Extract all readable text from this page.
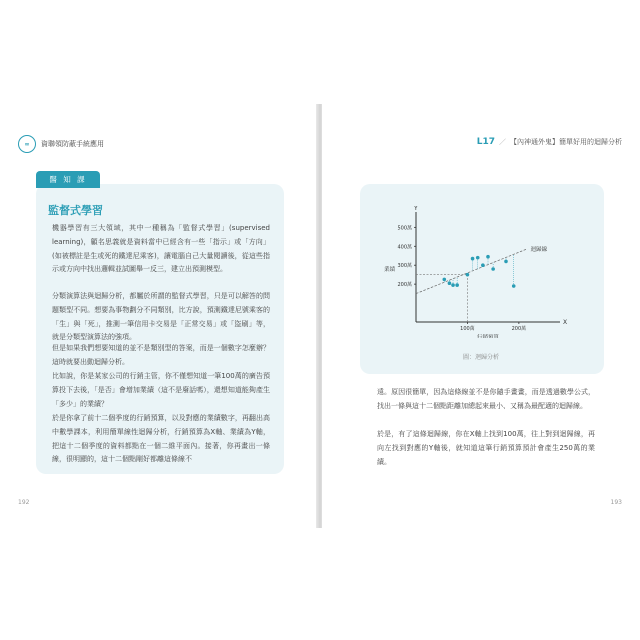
∞	資聯領防蔽手統應用
醫 知 課
監督式學習

機器學習有三大領域，其中一種稱為「監督式學習」(supervised learning)，顧名思義就是資料當中已經含有一些「指示」或「方向」(如被標註是生或死的鐵達尼乘客)，讓電腦自己大量閱讀後，從這些指示或方向中找出邏輯並試圖舉一反三，建立出預測模型。

分類演算法與迴歸分析，都屬於所謂的監督式學習，只是可以解答的問題類型不同。想要為事物劃分不同類別，比方說，預測鐵達尼號乘客的「生」與「死」，推測一筆信用卡交易是「正常交易」或「盜刷」等，就是分類型演算法的強項。

但是如果我們想要知道的並不是類別型的答案，而是一個數字怎麼辦？這時就要出動迴歸分析。

比如說，你是某家公司的行銷主管，你不僅想知道一筆100萬的廣告預算投下去後，「是否」會增加業績（這不是廢話嗎），還想知道能夠產生「多少」的業績？

於是你拿了前十二個季度的行銷預算，以及對應的業績數字，再翻出高中數學課本，利用簡單線性迴歸分析，行銷預算為X軸、業績為Y軸，把這十二個季度的資料都點在一個二維平面內。接著，你再畫出一條線，很明顯的，這十二個點剛好都離這條線不

192
L17 ／ 【內神通外鬼】簡單好用的迴歸分析
Y
X
業績
行銷預算
迴歸線
200萬
300萬
400萬
500萬
100萬	200萬
圖：迴歸分析

遠。原因很簡單，因為這條線並不是你隨手畫畫，而是透過數學公式，找出一條與這十二個點距離加總起來最小、又稱為最配適的迴歸線。

於是，有了這條迴歸線，你在X軸上找到100萬，往上對到迴歸線，再向左找到對應的Y軸後，就知道這筆行銷預算預計會產生250萬的業績。

193
